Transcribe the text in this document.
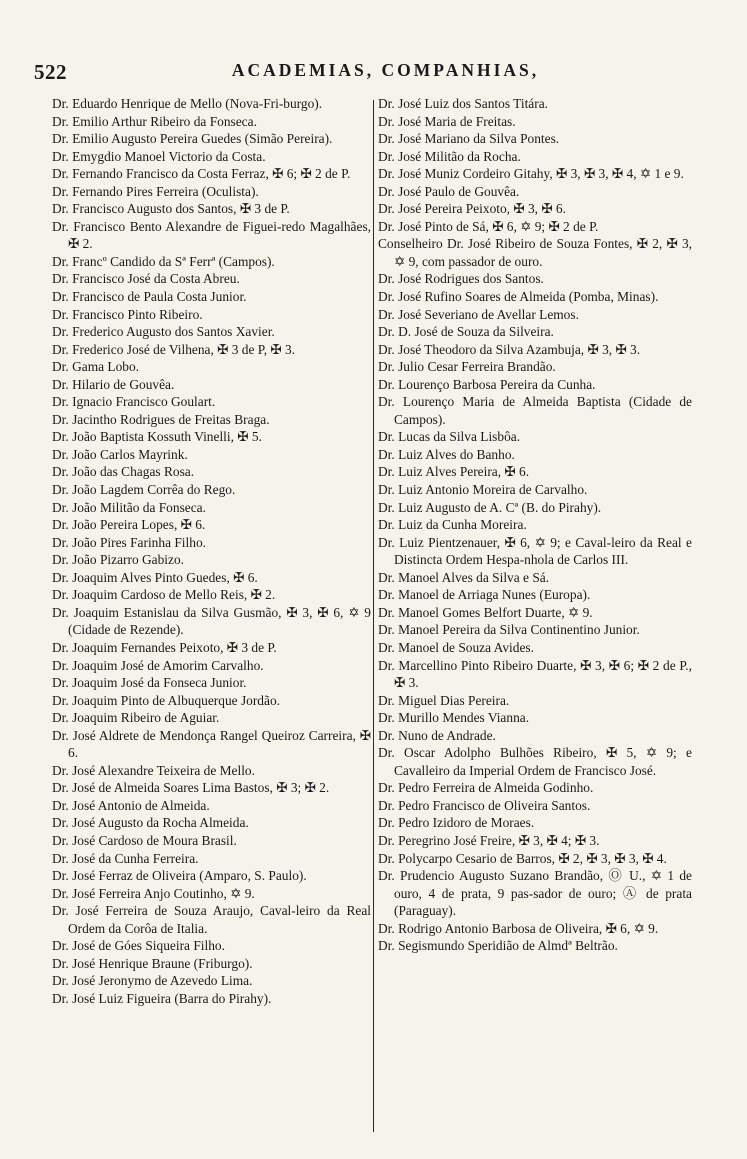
522	ACADEMIAS, COMPANHIAS,
Dr. Eduardo Henrique de Mello (Nova-Fri-burgo).
Dr. Emilio Arthur Ribeiro da Fonseca.
Dr. Emilio Augusto Pereira Guedes (Simão Pereira).
Dr. Emygdio Manoel Victorio da Costa.
Dr. Fernando Francisco da Costa Ferraz, ✠ 6; ✠ 2 de P.
Dr. Fernando Pires Ferreira (Oculista).
Dr. Francisco Augusto dos Santos, ✠ 3 de P.
Dr. Francisco Bento Alexandre de Figuei-redo Magalhães, ✠ 2.
Dr. Francº Candido da Sª Ferrª (Campos).
Dr. Francisco José da Costa Abreu.
Dr. Francisco de Paula Costa Junior.
Dr. Francisco Pinto Ribeiro.
Dr. Frederico Augusto dos Santos Xavier.
Dr. Frederico José de Vilhena, ✠ 3 de P, ✠ 3.
Dr. Gama Lobo.
Dr. Hilario de Gouvêa.
Dr. Ignacio Francisco Goulart.
Dr. Jacintho Rodrigues de Freitas Braga.
Dr. João Baptista Kossuth Vinelli, ✠ 5.
Dr. João Carlos Mayrink.
Dr. João das Chagas Rosa.
Dr. João Lagdem Corrêa do Rego.
Dr. João Militão da Fonseca.
Dr. João Pereira Lopes, ✠ 6.
Dr. João Pires Farinha Filho.
Dr. João Pizarro Gabizo.
Dr. Joaquim Alves Pinto Guedes, ✠ 6.
Dr. Joaquim Cardoso de Mello Reis, ✠ 2.
Dr. Joaquim Estanislau da Silva Gusmão, ✠ 3, ✠ 6, ✡ 9 (Cidade de Rezende).
Dr. Joaquim Fernandes Peixoto, ✠ 3 de P.
Dr. Joaquim José de Amorim Carvalho.
Dr. Joaquim José da Fonseca Junior.
Dr. Joaquim Pinto de Albuquerque Jordão.
Dr. Joaquim Ribeiro de Aguiar.
Dr. José Aldrete de Mendonça Rangel Queiroz Carreira, ✠ 6.
Dr. José Alexandre Teixeira de Mello.
Dr. José de Almeida Soares Lima Bastos, ✠ 3; ✠ 2.
Dr. José Antonio de Almeida.
Dr. José Augusto da Rocha Almeida.
Dr. José Cardoso de Moura Brasil.
Dr. José da Cunha Ferreira.
Dr. José Ferraz de Oliveira (Amparo, S. Paulo).
Dr. José Ferreira Anjo Coutinho, ✡ 9.
Dr. José Ferreira de Souza Araujo, Caval-leiro da Real Ordem da Corôa de Italia.
Dr. José de Góes Siqueira Filho.
Dr. José Henrique Braune (Friburgo).
Dr. José Jeronymo de Azevedo Lima.
Dr. José Luiz Figueira (Barra do Pirahy).
Dr. José Luiz dos Santos Titára.
Dr. José Maria de Freitas.
Dr. José Mariano da Silva Pontes.
Dr. José Militão da Rocha.
Dr. José Muniz Cordeiro Gitahy, ✠ 3, ✠ 3, ✠ 4, ✡ 1 e 9.
Dr. José Paulo de Gouvêa.
Dr. José Pereira Peixoto, ✠ 3, ✠ 6.
Dr. José Pinto de Sá, ✠ 6, ✡ 9; ✠ 2 de P.
Conselheiro Dr. José Ribeiro de Souza Fontes, ✠ 2, ✠ 3, ✡ 9, com passador de ouro.
Dr. José Rodrigues dos Santos.
Dr. José Rufino Soares de Almeida (Pomba, Minas).
Dr. José Severiano de Avellar Lemos.
Dr. D. José de Souza da Silveira.
Dr. José Theodoro da Silva Azambuja, ✠ 3, ✠ 3.
Dr. Julio Cesar Ferreira Brandão.
Dr. Lourenço Barbosa Pereira da Cunha.
Dr. Lourenço Maria de Almeida Baptista (Cidade de Campos).
Dr. Lucas da Silva Lisbôa.
Dr. Luiz Alves do Banho.
Dr. Luiz Alves Pereira, ✠ 6.
Dr. Luiz Antonio Moreira de Carvalho.
Dr. Luiz Augusto de A. Cª (B. do Pirahy).
Dr. Luiz da Cunha Moreira.
Dr. Luiz Pientzenauer, ✠ 6, ✡ 9; e Caval-leiro da Real e Distincta Ordem Hespa-nhola de Carlos III.
Dr. Manoel Alves da Silva e Sá.
Dr. Manoel de Arriaga Nunes (Europa).
Dr. Manoel Gomes Belfort Duarte, ✡ 9.
Dr. Manoel Pereira da Silva Continentino Junior.
Dr. Manoel de Souza Avides.
Dr. Marcellino Pinto Ribeiro Duarte, ✠ 3, ✠ 6; ✠ 2 de P., ✠ 3.
Dr. Miguel Dias Pereira.
Dr. Murillo Mendes Vianna.
Dr. Nuno de Andrade.
Dr. Oscar Adolpho Bulhões Ribeiro, ✠ 5, ✡ 9; e Cavalleiro da Imperial Ordem de Francisco José.
Dr. Pedro Ferreira de Almeida Godinho.
Dr. Pedro Francisco de Oliveira Santos.
Dr. Pedro Izidoro de Moraes.
Dr. Peregrino José Freire, ✠ 3, ✠ 4; ✠ 3.
Dr. Polycarpo Cesario de Barros, ✠ 2, ✠ 3, ✠ 3, ✠ 4.
Dr. Prudencio Augusto Suzano Brandão, Ⓞ U., ✡ 1 de ouro, 4 de prata, 9 pas-sador de ouro; Ⓐ de prata (Paraguay).
Dr. Rodrigo Antonio Barbosa de Oliveira, ✠ 6, ✡ 9.
Dr. Segismundo Speridião de Almdª Beltrão.
